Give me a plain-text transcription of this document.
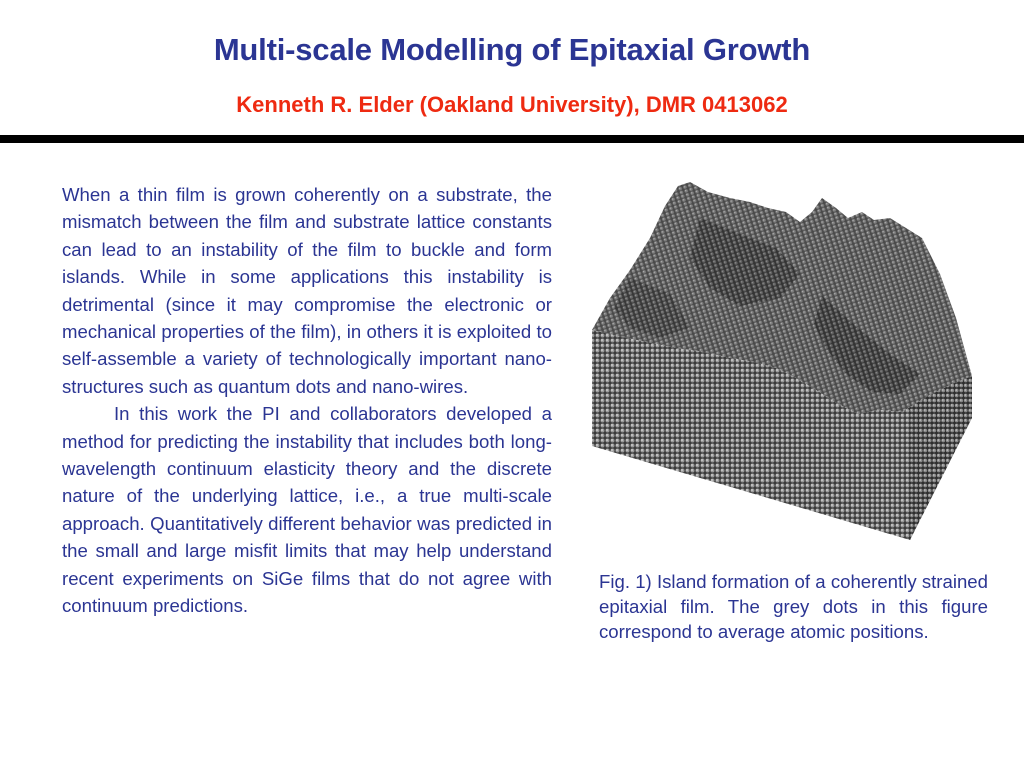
Multi-scale Modelling of Epitaxial Growth
Kenneth R. Elder (Oakland University), DMR 0413062

When a thin film is grown coherently on a substrate, the mismatch between the film and substrate lattice constants can lead to an instability of the film to buckle and form islands. While in some applications this instability is detrimental (since it may compromise the electronic or mechanical properties of the film), in others it is exploited to self-assemble a variety of technologically important nano-structures such as quantum dots and nano-wires.

In this work the PI and collaborators developed a method for predicting the instability that includes both long-wavelength continuum elasticity theory and the discrete nature of the underlying lattice, i.e., a true multi-scale approach. Quantitatively different behavior was predicted in the small and large misfit limits that may help understand recent experiments on SiGe films that do not agree with continuum predictions.

Fig. 1) Island formation of a coherently strained epitaxial film. The grey dots in this figure correspond to average atomic positions.
